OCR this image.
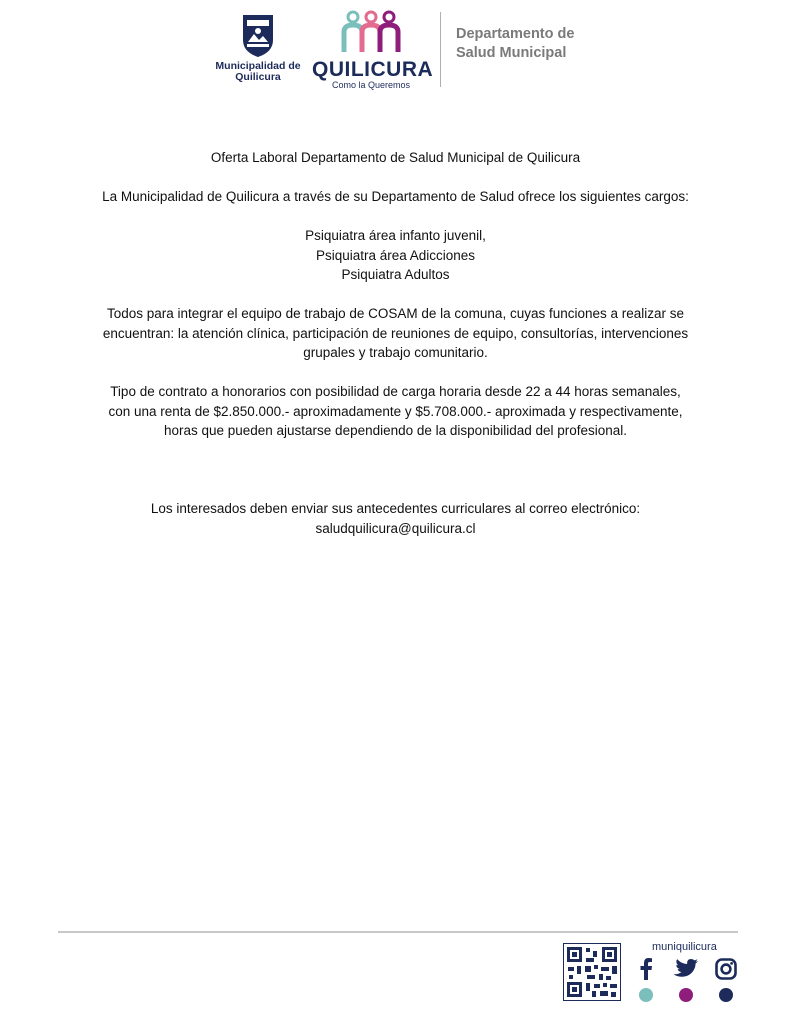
Municipalidad de Quilicura	QUILICURA
Como la Queremos
Departamento de Salud Municipal

Oferta Laboral Departamento de Salud Municipal de Quilicura

La Municipalidad de Quilicura a través de su Departamento de Salud ofrece los siguientes cargos:

Psiquiatra área infanto juvenil,

Psiquiatra área Adicciones

Psiquiatra Adultos

Todos para integrar el equipo de trabajo de COSAM de la comuna, cuyas funciones a realizar se encuentran: la atención clínica, participación de reuniones de equipo, consultorías, intervenciones grupales y trabajo comunitario.

Tipo de contrato a honorarios con posibilidad de carga horaria desde 22 a 44 horas semanales, con una renta de $2.850.000.- aproximadamente y $5.708.000.- aproximada y respectivamente, horas que pueden ajustarse dependiendo de la disponibilidad del profesional.

Los interesados deben enviar sus antecedentes curriculares al correo electrónico:

saludquilicura@quilicura.cl

muniquilicura
